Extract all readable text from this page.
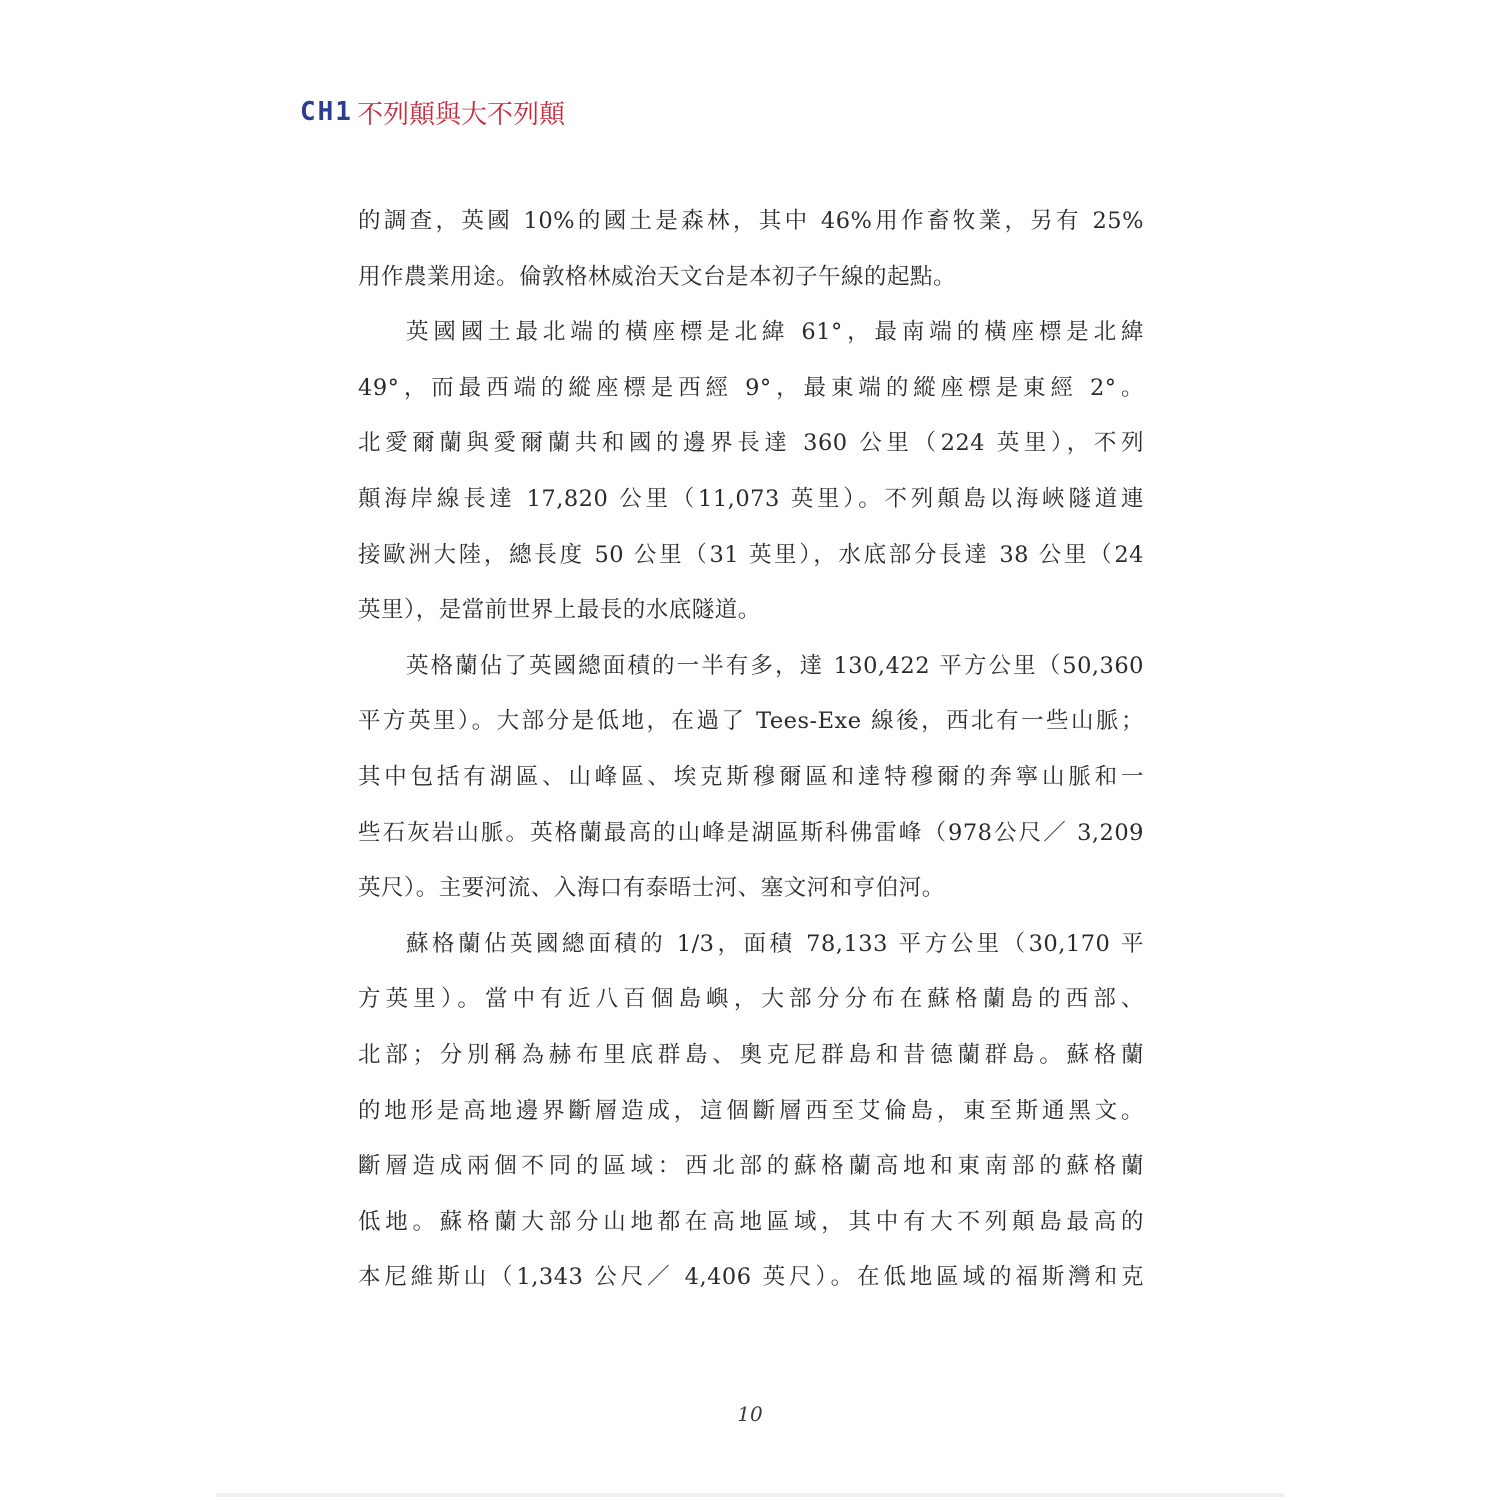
CH1 不列顛與大不列顛
的調查，英國 10%的國土是森林，其中 46%用作畜牧業，另有 25%
用作農業用途。倫敦格林威治天文台是本初子午線的起點。
英國國土最北端的橫座標是北緯 61°，最南端的橫座標是北緯
49°，而最西端的縱座標是西經 9°，最東端的縱座標是東經 2°。
北愛爾蘭與愛爾蘭共和國的邊界長達 360 公里（224 英里），不列
顛海岸線長達 17,820 公里（11,073 英里）。不列顛島以海峽隧道連
接歐洲大陸，總長度 50 公里（31 英里），水底部分長達 38 公里（24
英里），是當前世界上最長的水底隧道。
英格蘭佔了英國總面積的一半有多，達 130,422 平方公里（50,360
平方英里）。大部分是低地，在過了 Tees-Exe 線後，西北有一些山脈；
其中包括有湖區、山峰區、埃克斯穆爾區和達特穆爾的奔寧山脈和一
些石灰岩山脈。英格蘭最高的山峰是湖區斯科佛雷峰（978公尺／ 3,209
英尺）。主要河流、入海口有泰晤士河、塞文河和亨伯河。
蘇格蘭佔英國總面積的 1/3，面積 78,133 平方公里（30,170 平
方英里）。當中有近八百個島嶼，大部分分布在蘇格蘭島的西部、
北部；分別稱為赫布里底群島、奧克尼群島和昔德蘭群島。蘇格蘭
的地形是高地邊界斷層造成，這個斷層西至艾倫島，東至斯通黑文。
斷層造成兩個不同的區域：西北部的蘇格蘭高地和東南部的蘇格蘭
低地。蘇格蘭大部分山地都在高地區域，其中有大不列顛島最高的
本尼維斯山（1,343 公尺／ 4,406 英尺）。在低地區域的福斯灣和克
10
